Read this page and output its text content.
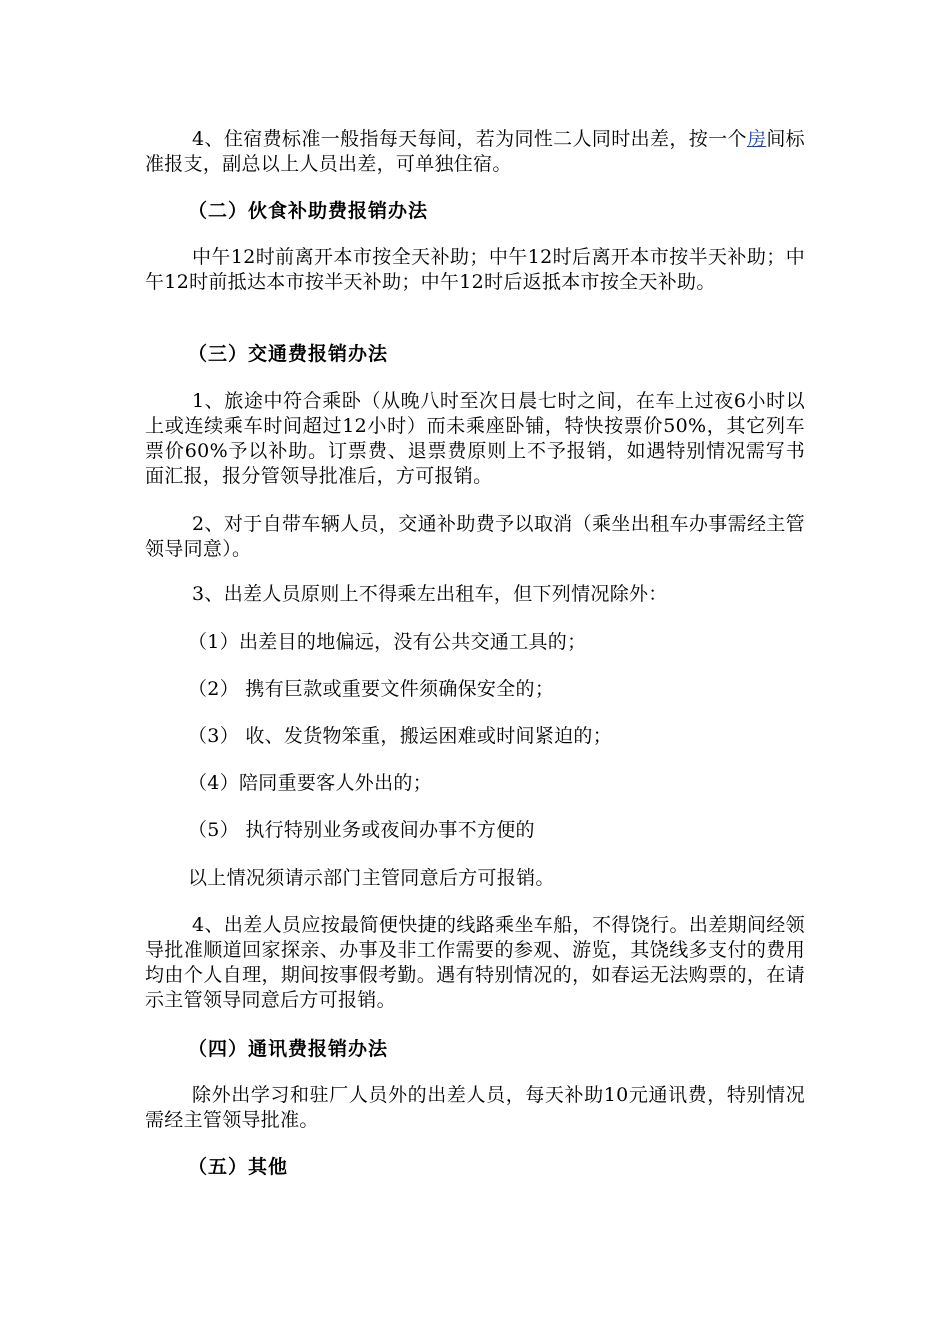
4、住宿费标准一般指每天每间，若为同性二人同时出差，按一个房间标准报支，副总以上人员出差，可单独住宿。

（二）伙食补助费报销办法

中午12时前离开本市按全天补助；中午12时后离开本市按半天补助；中午12时前抵达本市按半天补助；中午12时后返抵本市按全天补助。

（三）交通费报销办法

1、旅途中符合乘卧（从晚八时至次日晨七时之间，在车上过夜6小时以上或连续乘车时间超过12小时）而未乘座卧铺，特快按票价50%，其它列车票价60%予以补助。订票费、退票费原则上不予报销，如遇特别情况需写书面汇报，报分管领导批准后，方可报销。

2、对于自带车辆人员，交通补助费予以取消（乘坐出租车办事需经主管领导同意）。

3、出差人员原则上不得乘左出租车，但下列情况除外：

（1）出差目的地偏远，没有公共交通工具的；

（2） 携有巨款或重要文件须确保安全的；

（3） 收、发货物笨重，搬运困难或时间紧迫的；

（4）陪同重要客人外出的；

（5） 执行特别业务或夜间办事不方便的

以上情况须请示部门主管同意后方可报销。

4、出差人员应按最简便快捷的线路乘坐车船，不得饶行。出差期间经领导批准顺道回家探亲、办事及非工作需要的参观、游览，其饶线多支付的费用均由个人自理，期间按事假考勤。遇有特别情况的，如春运无法购票的，在请示主管领导同意后方可报销。

（四）通讯费报销办法

除外出学习和驻厂人员外的出差人员，每天补助10元通讯费，特别情况需经主管领导批准。

（五）其他
